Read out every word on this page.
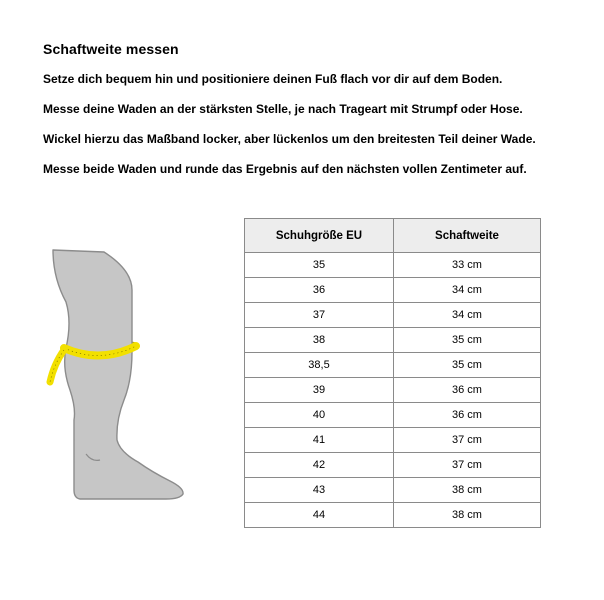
Schaftweite messen

Setze dich bequem hin und positioniere deinen Fuß flach vor dir auf dem Boden.

Messe deine Waden an der stärksten Stelle, je nach Trageart mit Strumpf oder Hose.

Wickel hierzu das Maßband locker, aber lückenlos um den breitesten Teil deiner Wade.

Messe beide Waden und runde das Ergebnis auf den nächsten vollen Zentimeter auf.

Schuhgröße EU	Schaftweite
35	33 cm
36	34 cm
37	34 cm
38	35 cm
38,5	35 cm
39	36 cm
40	36 cm
41	37 cm
42	37 cm
43	38 cm
44	38 cm
